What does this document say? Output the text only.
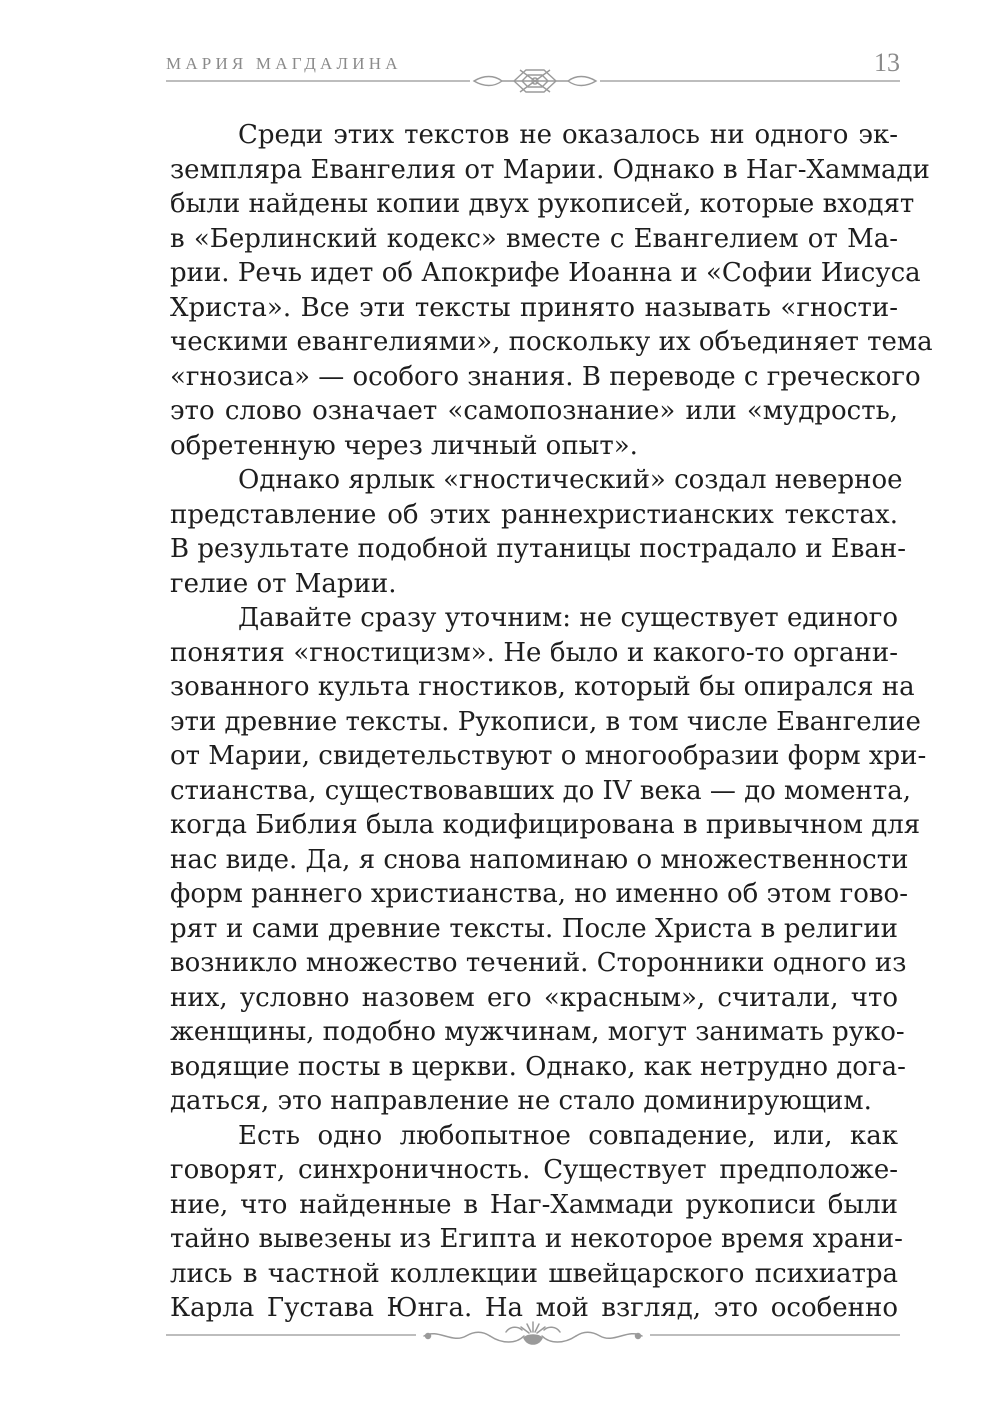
МАРИЯ МАГДАЛИНА	13
Среди этих текстов не оказалось ни одного эк-
земпляра Евангелия от Марии. Однако в Наг-Хаммади
были найдены копии двух рукописей, которые входят
в «Берлинский кодекс» вместе с Евангелием от Ма-
рии. Речь идет об Апокрифе Иоанна и «Софии Иисуса
Христа». Все эти тексты принято называть «гности-
ческими евангелиями», поскольку их объединяет тема
«гнозиса» — особого знания. В переводе с греческого
это слово означает «самопознание» или «мудрость,
обретенную через личный опыт».
Однако ярлык «гностический» создал неверное
представление об этих раннехристианских текстах.
В результате подобной путаницы пострадало и Еван-
гелие от Марии.
Давайте сразу уточним: не существует единого
понятия «гностицизм». Не было и какого-то органи-
зованного культа гностиков, который бы опирался на
эти древние тексты. Рукописи, в том числе Евангелие
от Марии, свидетельствуют о многообразии форм хри-
стианства, существовавших до IV века — до момента,
когда Библия была кодифицирована в привычном для
нас виде. Да, я снова напоминаю о множественности
форм раннего христианства, но именно об этом гово-
рят и сами древние тексты. После Христа в религии
возникло множество течений. Сторонники одного из
них, условно назовем его «красным», считали, что
женщины, подобно мужчинам, могут занимать руко-
водящие посты в церкви. Однако, как нетрудно дога-
даться, это направление не стало доминирующим.
Есть одно любопытное совпадение, или, как
говорят, синхроничность. Существует предположе-
ние, что найденные в Наг-Хаммади рукописи были
тайно вывезены из Египта и некоторое время храни-
лись в частной коллекции швейцарского психиатра
Карла Густава Юнга. На мой взгляд, это особенно
